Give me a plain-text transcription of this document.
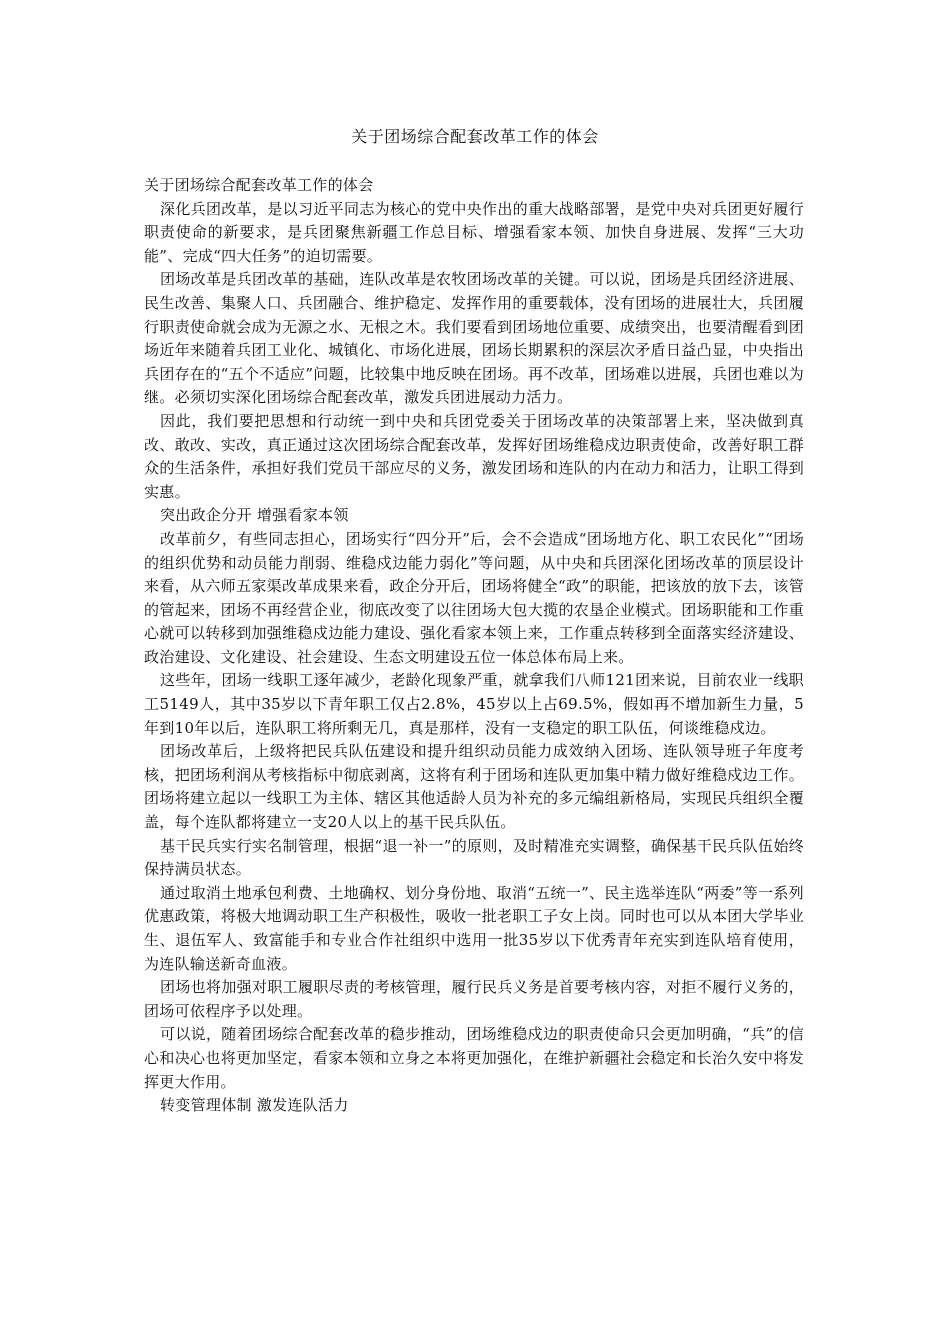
关于团场综合配套改革工作的体会

关于团场综合配套改革工作的体会

深化兵团改革，是以习近平同志为核心的党中央作出的重大战略部署，是党中央对兵团更好履行职责使命的新要求，是兵团聚焦新疆工作总目标、增强看家本领、加快自身进展、发挥“三大功能”、完成“四大任务”的迫切需要。

团场改革是兵团改革的基础，连队改革是农牧团场改革的关键。可以说，团场是兵团经济进展、民生改善、集聚人口、兵团融合、维护稳定、发挥作用的重要载体，没有团场的进展壮大，兵团履行职责使命就会成为无源之水、无根之木。我们要看到团场地位重要、成绩突出，也要清醒看到团场近年来随着兵团工业化、城镇化、市场化进展，团场长期累积的深层次矛盾日益凸显，中央指出兵团存在的“五个不适应”问题，比较集中地反映在团场。再不改革，团场难以进展，兵团也难以为继。必须切实深化团场综合配套改革，激发兵团进展动力活力。

因此，我们要把思想和行动统一到中央和兵团党委关于团场改革的决策部署上来，坚决做到真改、敢改、实改，真正通过这次团场综合配套改革，发挥好团场维稳戍边职责使命，改善好职工群众的生活条件，承担好我们党员干部应尽的义务，激发团场和连队的内在动力和活力，让职工得到实惠。

突出政企分开 增强看家本领

改革前夕，有些同志担心，团场实行“四分开”后，会不会造成“团场地方化、职工农民化”“团场的组织优势和动员能力削弱、维稳戍边能力弱化”等问题，从中央和兵团深化团场改革的顶层设计来看，从六师五家渠改革成果来看，政企分开后，团场将健全“政”的职能，把该放的放下去，该管的管起来，团场不再经营企业，彻底改变了以往团场大包大揽的农垦企业模式。团场职能和工作重心就可以转移到加强维稳戍边能力建设、强化看家本领上来，工作重点转移到全面落实经济建设、政治建设、文化建设、社会建设、生态文明建设五位一体总体布局上来。

这些年，团场一线职工逐年减少，老龄化现象严重，就拿我们八师121团来说，目前农业一线职工5149人，其中35岁以下青年职工仅占2.8%，45岁以上占69.5%，假如再不增加新生力量，5年到10年以后，连队职工将所剩无几，真是那样，没有一支稳定的职工队伍，何谈维稳戍边。

团场改革后，上级将把民兵队伍建设和提升组织动员能力成效纳入团场、连队领导班子年度考核，把团场利润从考核指标中彻底剥离，这将有利于团场和连队更加集中精力做好维稳戍边工作。团场将建立起以一线职工为主体、辖区其他适龄人员为补充的多元编组新格局，实现民兵组织全覆盖，每个连队都将建立一支20人以上的基干民兵队伍。

基干民兵实行实名制管理，根据“退一补一”的原则，及时精准充实调整，确保基干民兵队伍始终保持满员状态。

通过取消土地承包利费、土地确权、划分身份地、取消“五统一”、民主选举连队“两委”等一系列优惠政策，将极大地调动职工生产积极性，吸收一批老职工子女上岗。同时也可以从本团大学毕业生、退伍军人、致富能手和专业合作社组织中选用一批35岁以下优秀青年充实到连队培育使用，为连队输送新奇血液。

团场也将加强对职工履职尽责的考核管理，履行民兵义务是首要考核内容，对拒不履行义务的，团场可依程序予以处理。

可以说，随着团场综合配套改革的稳步推动，团场维稳戍边的职责使命只会更加明确，“兵”的信心和决心也将更加坚定，看家本领和立身之本将更加强化，在维护新疆社会稳定和长治久安中将发挥更大作用。

转变管理体制 激发连队活力
